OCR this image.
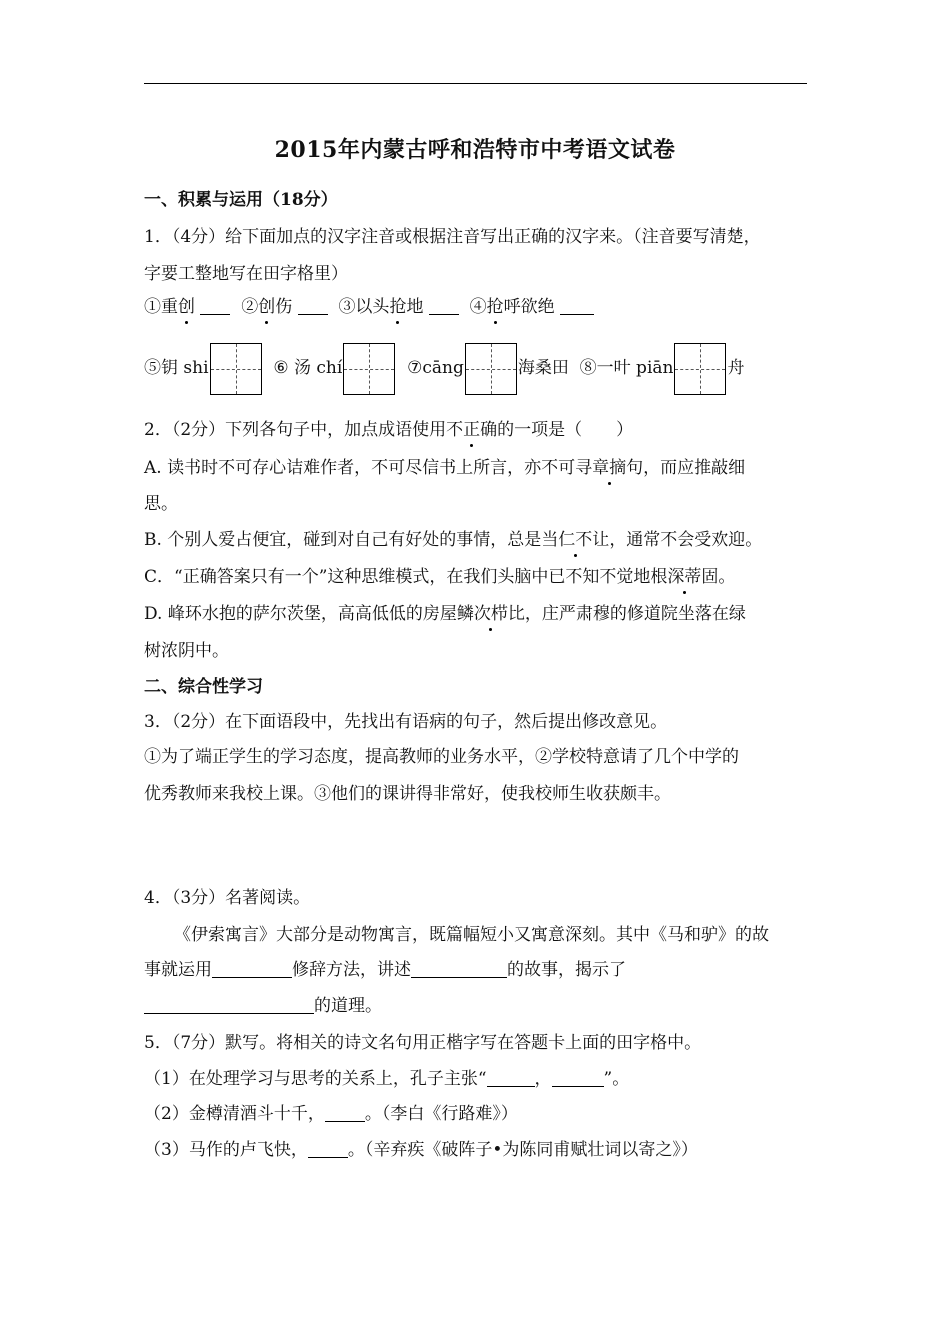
2015年内蒙古呼和浩特市中考语文试卷
一、积累与运用（18分）
1．（4分）给下面加点的汉字注音或根据注音写出正确的汉字来。（注音要写清楚，
字要工整地写在田字格里）
①重创	②创伤	③以头抢地	④抢呼欲绝
⑤钥 shi	⑥ 汤 chí	⑦cāng	海桑田 ⑧一叶 piān	舟
2．（2分）下列各句子中，加点成语使用不正确的一项是（　　）
A. 读书时不可存心诘难作者，不可尽信书上所言，亦不可寻章摘句，而应推敲细
思。
B. 个别人爱占便宜，碰到对自己有好处的事情，总是当仁不让，通常不会受欢迎。
C．“正确答案只有一个”这种思维模式，在我们头脑中已不知不觉地根深蒂固。
D. 峰环水抱的萨尔茨堡，高高低低的房屋鳞次栉比，庄严肃穆的修道院坐落在绿
树浓阴中。
二、综合性学习
3．（2分）在下面语段中，先找出有语病的句子，然后提出修改意见。
①为了端正学生的学习态度，提高教师的业务水平，②学校特意请了几个中学的
优秀教师来我校上课。③他们的课讲得非常好，使我校师生收获颇丰。
4．（3分）名著阅读。
《伊索寓言》大部分是动物寓言，既篇幅短小又寓意深刻。其中《马和驴》的故
事就运用	修辞方法，讲述	的故事，揭示了
的道理。
5．（7分）默写。将相关的诗文名句用正楷字写在答题卡上面的田字格中。
（1）在处理学习与思考的关系上，孔子主张“	，	”。
（2）金樽清酒斗十千， 。（李白《行路难》）
（3）马作的卢飞快， 。（辛弃疾《破阵子•为陈同甫赋壮词以寄之》）
